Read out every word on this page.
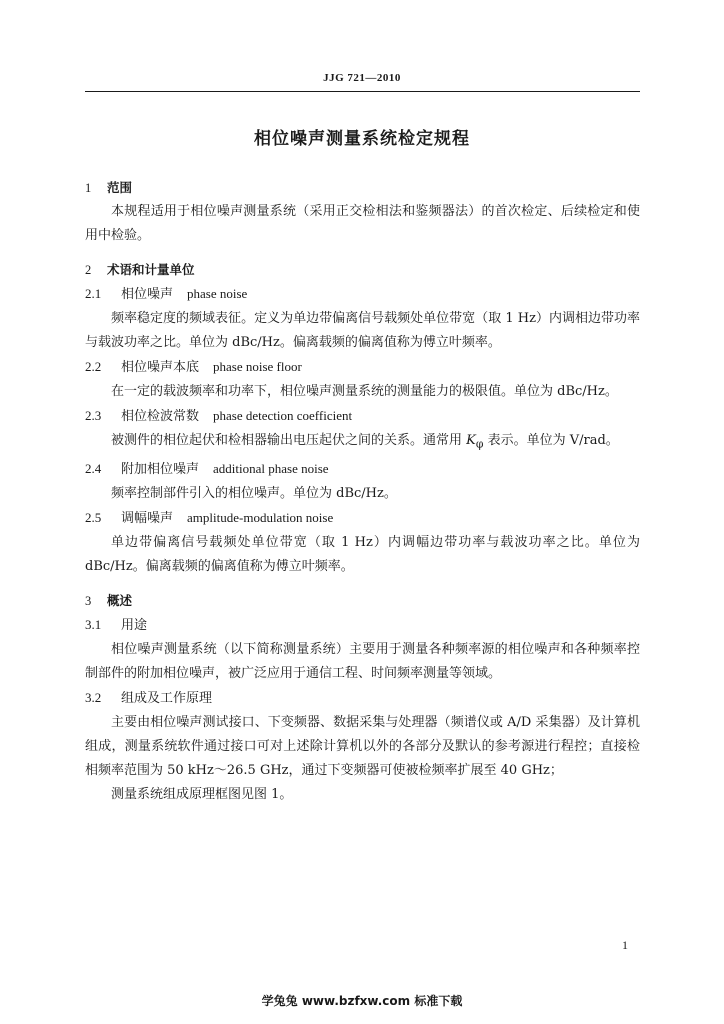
JJG 721—2010
相位噪声测量系统检定规程
1 范围
本规程适用于相位噪声测量系统（采用正交检相法和鉴频器法）的首次检定、后续检定和使用中检验。
2 术语和计量单位
2.1 相位噪声 phase noise
频率稳定度的频域表征。定义为单边带偏离信号载频处单位带宽（取 1 Hz）内调相边带功率与载波功率之比。单位为 dBc/Hz。偏离载频的偏离值称为傅立叶频率。
2.2 相位噪声本底 phase noise floor
在一定的载波频率和功率下，相位噪声测量系统的测量能力的极限值。单位为 dBc/Hz。
2.3 相位检波常数 phase detection coefficient
被测件的相位起伏和检相器输出电压起伏之间的关系。通常用 $K_\varphi$ 表示。单位为 V/rad。
2.4 附加相位噪声 additional phase noise
频率控制部件引入的相位噪声。单位为 dBc/Hz。
2.5 调幅噪声 amplitude-modulation noise
单边带偏离信号载频处单位带宽（取 1 Hz）内调幅边带功率与载波功率之比。单位为 dBc/Hz。偏离载频的偏离值称为傅立叶频率。
3 概述
3.1 用途
相位噪声测量系统（以下简称测量系统）主要用于测量各种频率源的相位噪声和各种频率控制部件的附加相位噪声，被广泛应用于通信工程、时间频率测量等领域。
3.2 组成及工作原理
主要由相位噪声测试接口、下变频器、数据采集与处理器（频谱仪或 A/D 采集器）及计算机组成，测量系统软件通过接口可对上述除计算机以外的各部分及默认的参考源进行程控；直接检相频率范围为 50 kHz～26.5 GHz，通过下变频器可使被检频率扩展至 40 GHz；
测量系统组成原理框图见图 1。
1
学兔兔 www.bzfxw.com 标准下载
